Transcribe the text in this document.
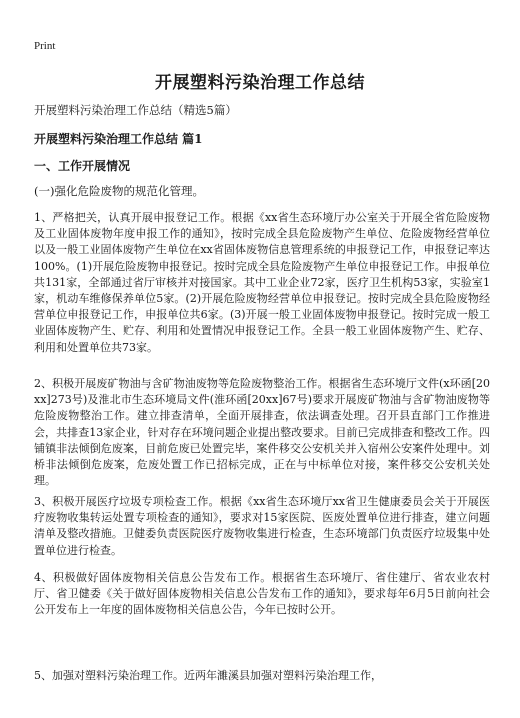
Print
开展塑料污染治理工作总结
开展塑料污染治理工作总结（精选5篇）
开展塑料污染治理工作总结 篇1
一、工作开展情况
(一)强化危险废物的规范化管理。
1、严格把关，认真开展申报登记工作。根据《xx省生态环境厅办公室关于开展全省危险废物及工业固体废物年度申报工作的通知》，按时完成全县危险废物产生单位、危险废物经营单位以及一般工业固体废物产生单位在xx省固体废物信息管理系统的申报登记工作，申报登记率达100%。(1)开展危险废物申报登记。按时完成全县危险废物产生单位申报登记工作。申报单位共131家，全部通过省厅审核并对接国家。其中工业企业72家，医疗卫生机构53家，实验室1家，机动车维修保养单位5家。(2)开展危险废物经营单位申报登记。按时完成全县危险废物经营单位申报登记工作，申报单位共6家。(3)开展一般工业固体废物申报登记。按时完成一般工业固体废物产生、贮存、利用和处置情况申报登记工作。全县一般工业固体废物产生、贮存、利用和处置单位共73家。
2、积极开展废矿物油与含矿物油废物等危险废物整治工作。根据省生态环境厅文件(x环函[20xx]273号)及淮北市生态环境局文件(淮环函[20xx]67号)要求开展废矿物油与含矿物油废物等危险废物整治工作。建立排查清单，全面开展排查，依法调查处理。召开县直部门工作推进会，共排查13家企业，针对存在环境问题企业提出整改要求。目前已完成排查和整改工作。四铺镇非法倾倒危废案，目前危废已处置完毕，案件移交公安机关并入宿州公安案件处理中。刘桥非法倾倒危废案，危废处置工作已招标完成，正在与中标单位对接，案件移交公安机关处理。
3、积极开展医疗垃圾专项检查工作。根据《xx省生态环境厅xx省卫生健康委员会关于开展医疗废物收集转运处置专项检查的通知》，要求对15家医院、医废处置单位进行排查，建立问题清单及整改措施。卫健委负责医院医疗废物收集进行检查，生态环境部门负责医疗垃圾集中处置单位进行检查。
4、积极做好固体废物相关信息公告发布工作。根据省生态环境厅、省住建厅、省农业农村厅、省卫健委《关于做好固体废物相关信息公告发布工作的通知》，要求每年6月5日前向社会公开发布上一年度的固体废物相关信息公告，今年已按时公开。
5、加强对塑料污染治理工作。近两年濉溪县加强对塑料污染治理工作，
